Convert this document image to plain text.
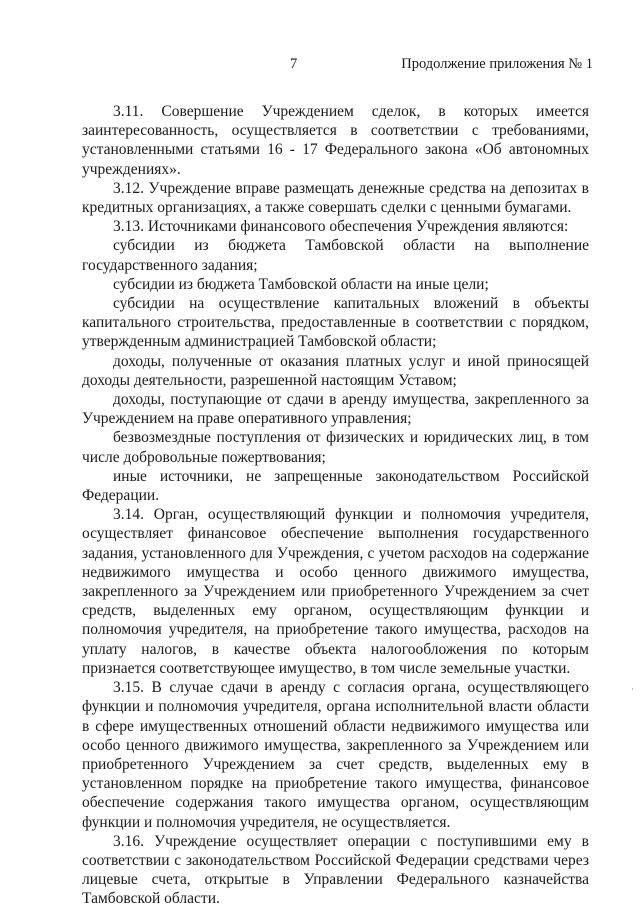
7	Продолжение приложения № 1

3.11. Совершение Учреждением сделок, в которых имеется заинтересованность, осуществляется в соответствии с требованиями, установленными статьями 16 - 17 Федерального закона «Об автономных учреждениях».

3.12. Учреждение вправе размещать денежные средства на депозитах в кредитных организациях, а также совершать сделки с ценными бумагами.

3.13. Источниками финансового обеспечения Учреждения являются:

субсидии из бюджета Тамбовской области на выполнение государственного задания;

субсидии из бюджета Тамбовской области на иные цели;

субсидии на осуществление капитальных вложений в объекты капитального строительства, предоставленные в соответствии с порядком, утвержденным администрацией Тамбовской области;

доходы, полученные от оказания платных услуг и иной приносящей доходы деятельности, разрешенной настоящим Уставом;

доходы, поступающие от сдачи в аренду имущества, закрепленного за Учреждением на праве оперативного управления;

безвозмездные поступления от физических и юридических лиц, в том числе добровольные пожертвования;

иные источники, не запрещенные законодательством Российской Федерации.

3.14. Орган, осуществляющий функции и полномочия учредителя, осуществляет финансовое обеспечение выполнения государственного задания, установленного для Учреждения, с учетом расходов на содержание недвижимого имущества и особо ценного движимого имущества, закрепленного за Учреждением или приобретенного Учреждением за счет средств, выделенных ему органом, осуществляющим функции и полномочия учредителя, на приобретение такого имущества, расходов на уплату налогов, в качестве объекта налогообложения по которым признается соответствующее имущество, в том числе земельные участки.

3.15. В случае сдачи в аренду с согласия органа, осуществляющего функции и полномочия учредителя, органа исполнительной власти области в сфере имущественных отношений области недвижимого имущества или особо ценного движимого имущества, закрепленного за Учреждением или приобретенного Учреждением за счет средств, выделенных ему в установленном порядке на приобретение такого имущества, финансовое обеспечение содержания такого имущества органом, осуществляющим функции и полномочия учредителя, не осуществляется.

3.16. Учреждение осуществляет операции с поступившими ему в соответствии с законодательством Российской Федерации средствами через лицевые счета, открытые в Управлении Федерального казначейства Тамбовской области.

·
